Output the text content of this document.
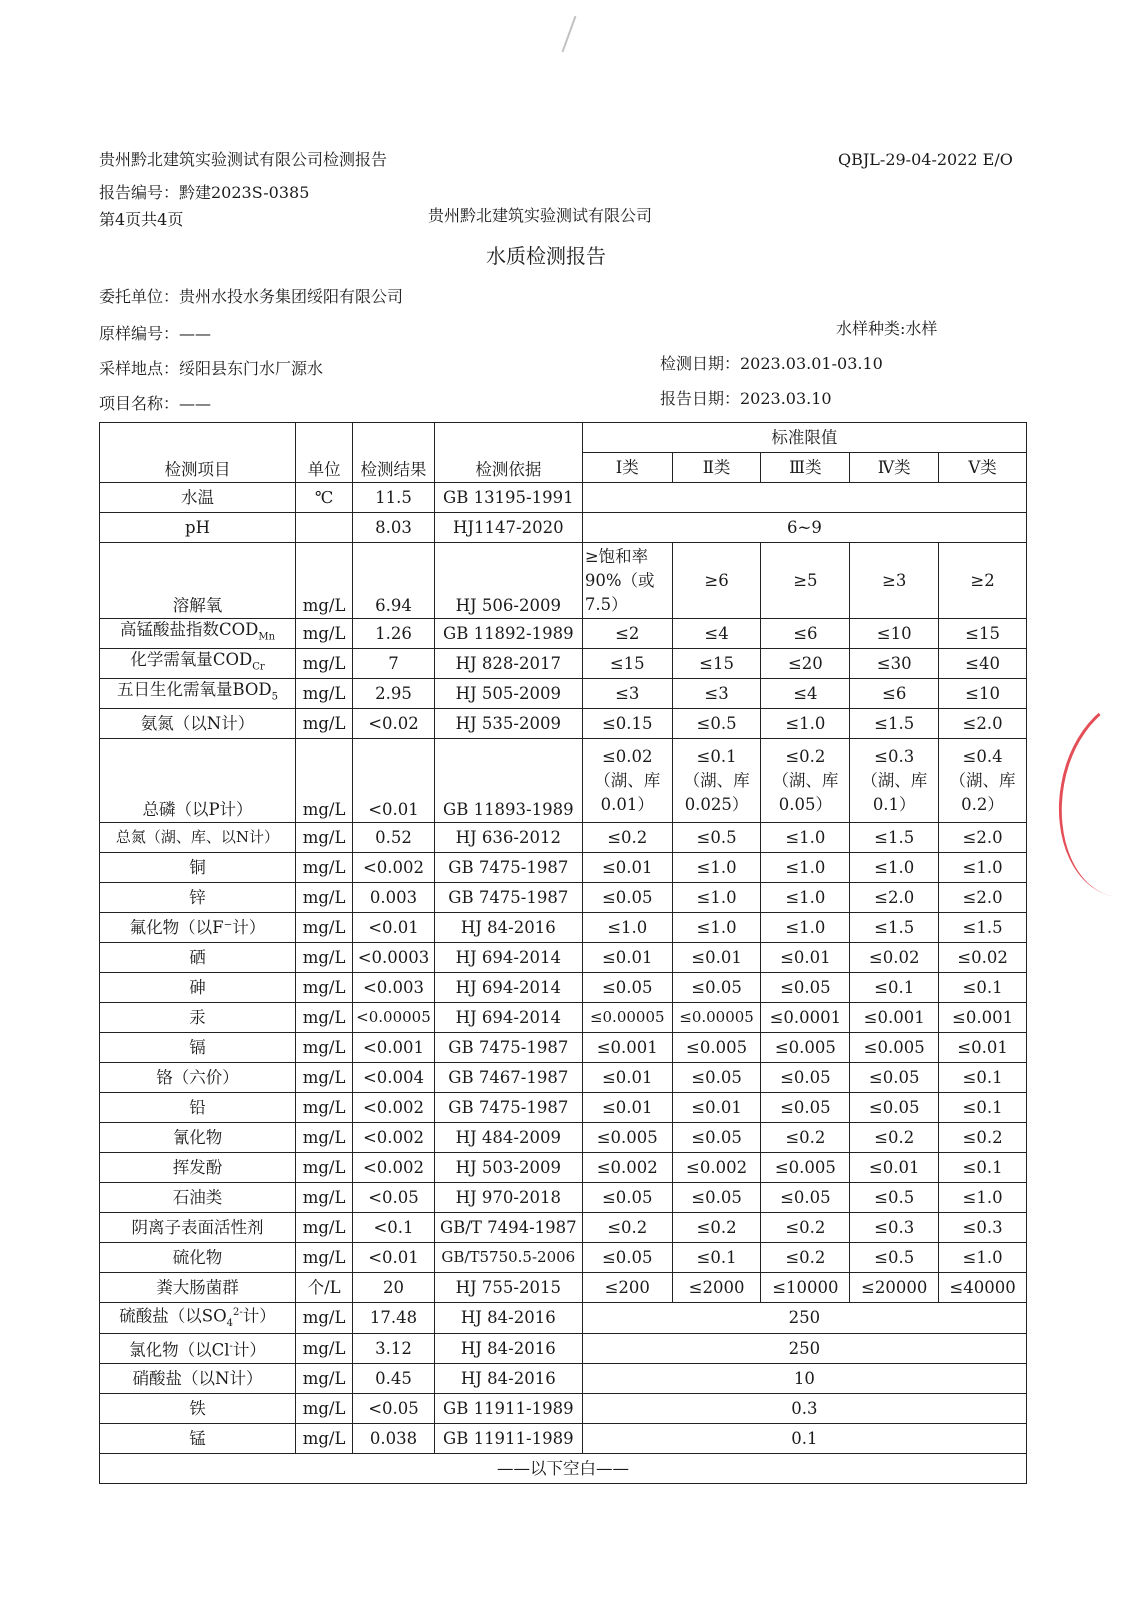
贵州黔北建筑实验测试有限公司检测报告	QBJL-29-04-2022 E/O
报告编号：黔建2023S-0385
第4页共4页	贵州黔北建筑实验测试有限公司
水质检测报告
委托单位：贵州水投水务集团绥阳有限公司
原样编号：——	水样种类:水样
采样地点：绥阳县东门水厂源水	检测日期：2023.03.01-03.10
项目名称：——	报告日期：2023.03.10
检测项目	单位	检测结果	检测依据	标准限值				
				Ⅰ类	Ⅱ类	Ⅲ类	Ⅳ类	Ⅴ类
水温	℃	11.5	GB 13195-1991					
pH		8.03	HJ1147-2020	6~9				
溶解氧	mg/L	6.94	HJ 506-2009	≥饱和率90%（或7.5）	≥6	≥5	≥3	≥2
高锰酸盐指数$COD_{Mn}$	mg/L	1.26	GB 11892-1989	≤2	≤4	≤6	≤10	≤15
化学需氧量$COD_{Cr}$	mg/L	7	HJ 828-2017	≤15	≤15	≤20	≤30	≤40
五日生化需氧量$BOD_5$	mg/L	2.95	HJ 505-2009	≤3	≤3	≤4	≤6	≤10
氨氮（以N计）	mg/L	<0.02	HJ 535-2009	≤0.15	≤0.5	≤1.0	≤1.5	≤2.0
总磷（以P计）	mg/L	<0.01	GB 11893-1989	≤0.02（湖、库0.01）	≤0.1（湖、库0.025）	≤0.2（湖、库0.05）	≤0.3（湖、库0.1）	≤0.4（湖、库0.2）
总氮（湖、库、以N计）	mg/L	0.52	HJ 636-2012	≤0.2	≤0.5	≤1.0	≤1.5	≤2.0
铜	mg/L	<0.002	GB 7475-1987	≤0.01	≤1.0	≤1.0	≤1.0	≤1.0
锌	mg/L	0.003	GB 7475-1987	≤0.05	≤1.0	≤1.0	≤2.0	≤2.0
氟化物（以F⁻计）	mg/L	<0.01	HJ 84-2016	≤1.0	≤1.0	≤1.0	≤1.5	≤1.5
硒	mg/L	<0.0003	HJ 694-2014	≤0.01	≤0.01	≤0.01	≤0.02	≤0.02
砷	mg/L	<0.003	HJ 694-2014	≤0.05	≤0.05	≤0.05	≤0.1	≤0.1
汞	mg/L	<0.00005	HJ 694-2014	≤0.00005	≤0.00005	≤0.0001	≤0.001	≤0.001
镉	mg/L	<0.001	GB 7475-1987	≤0.001	≤0.005	≤0.005	≤0.005	≤0.01
铬（六价）	mg/L	<0.004	GB 7467-1987	≤0.01	≤0.05	≤0.05	≤0.05	≤0.1
铅	mg/L	<0.002	GB 7475-1987	≤0.01	≤0.01	≤0.05	≤0.05	≤0.1
氰化物	mg/L	<0.002	HJ 484-2009	≤0.005	≤0.05	≤0.2	≤0.2	≤0.2
挥发酚	mg/L	<0.002	HJ 503-2009	≤0.002	≤0.002	≤0.005	≤0.01	≤0.1
石油类	mg/L	<0.05	HJ 970-2018	≤0.05	≤0.05	≤0.05	≤0.5	≤1.0
阴离子表面活性剂	mg/L	<0.1	GB/T 7494-1987	≤0.2	≤0.2	≤0.2	≤0.3	≤0.3
硫化物	mg/L	<0.01	GB/T5750.5-2006	≤0.05	≤0.1	≤0.2	≤0.5	≤1.0
粪大肠菌群	个/L	20	HJ 755-2015	≤200	≤2000	≤10000	≤20000	≤40000
硫酸盐（以$SO_4^{2-}$计）	mg/L	17.48	HJ 84-2016	250				
氯化物（以Cl-计）	mg/L	3.12	HJ 84-2016	250				
硝酸盐（以N计）	mg/L	0.45	HJ 84-2016	10				
铁	mg/L	<0.05	GB 11911-1989	0.3				
锰	mg/L	0.038	GB 11911-1989	0.1				
——以下空白——								
